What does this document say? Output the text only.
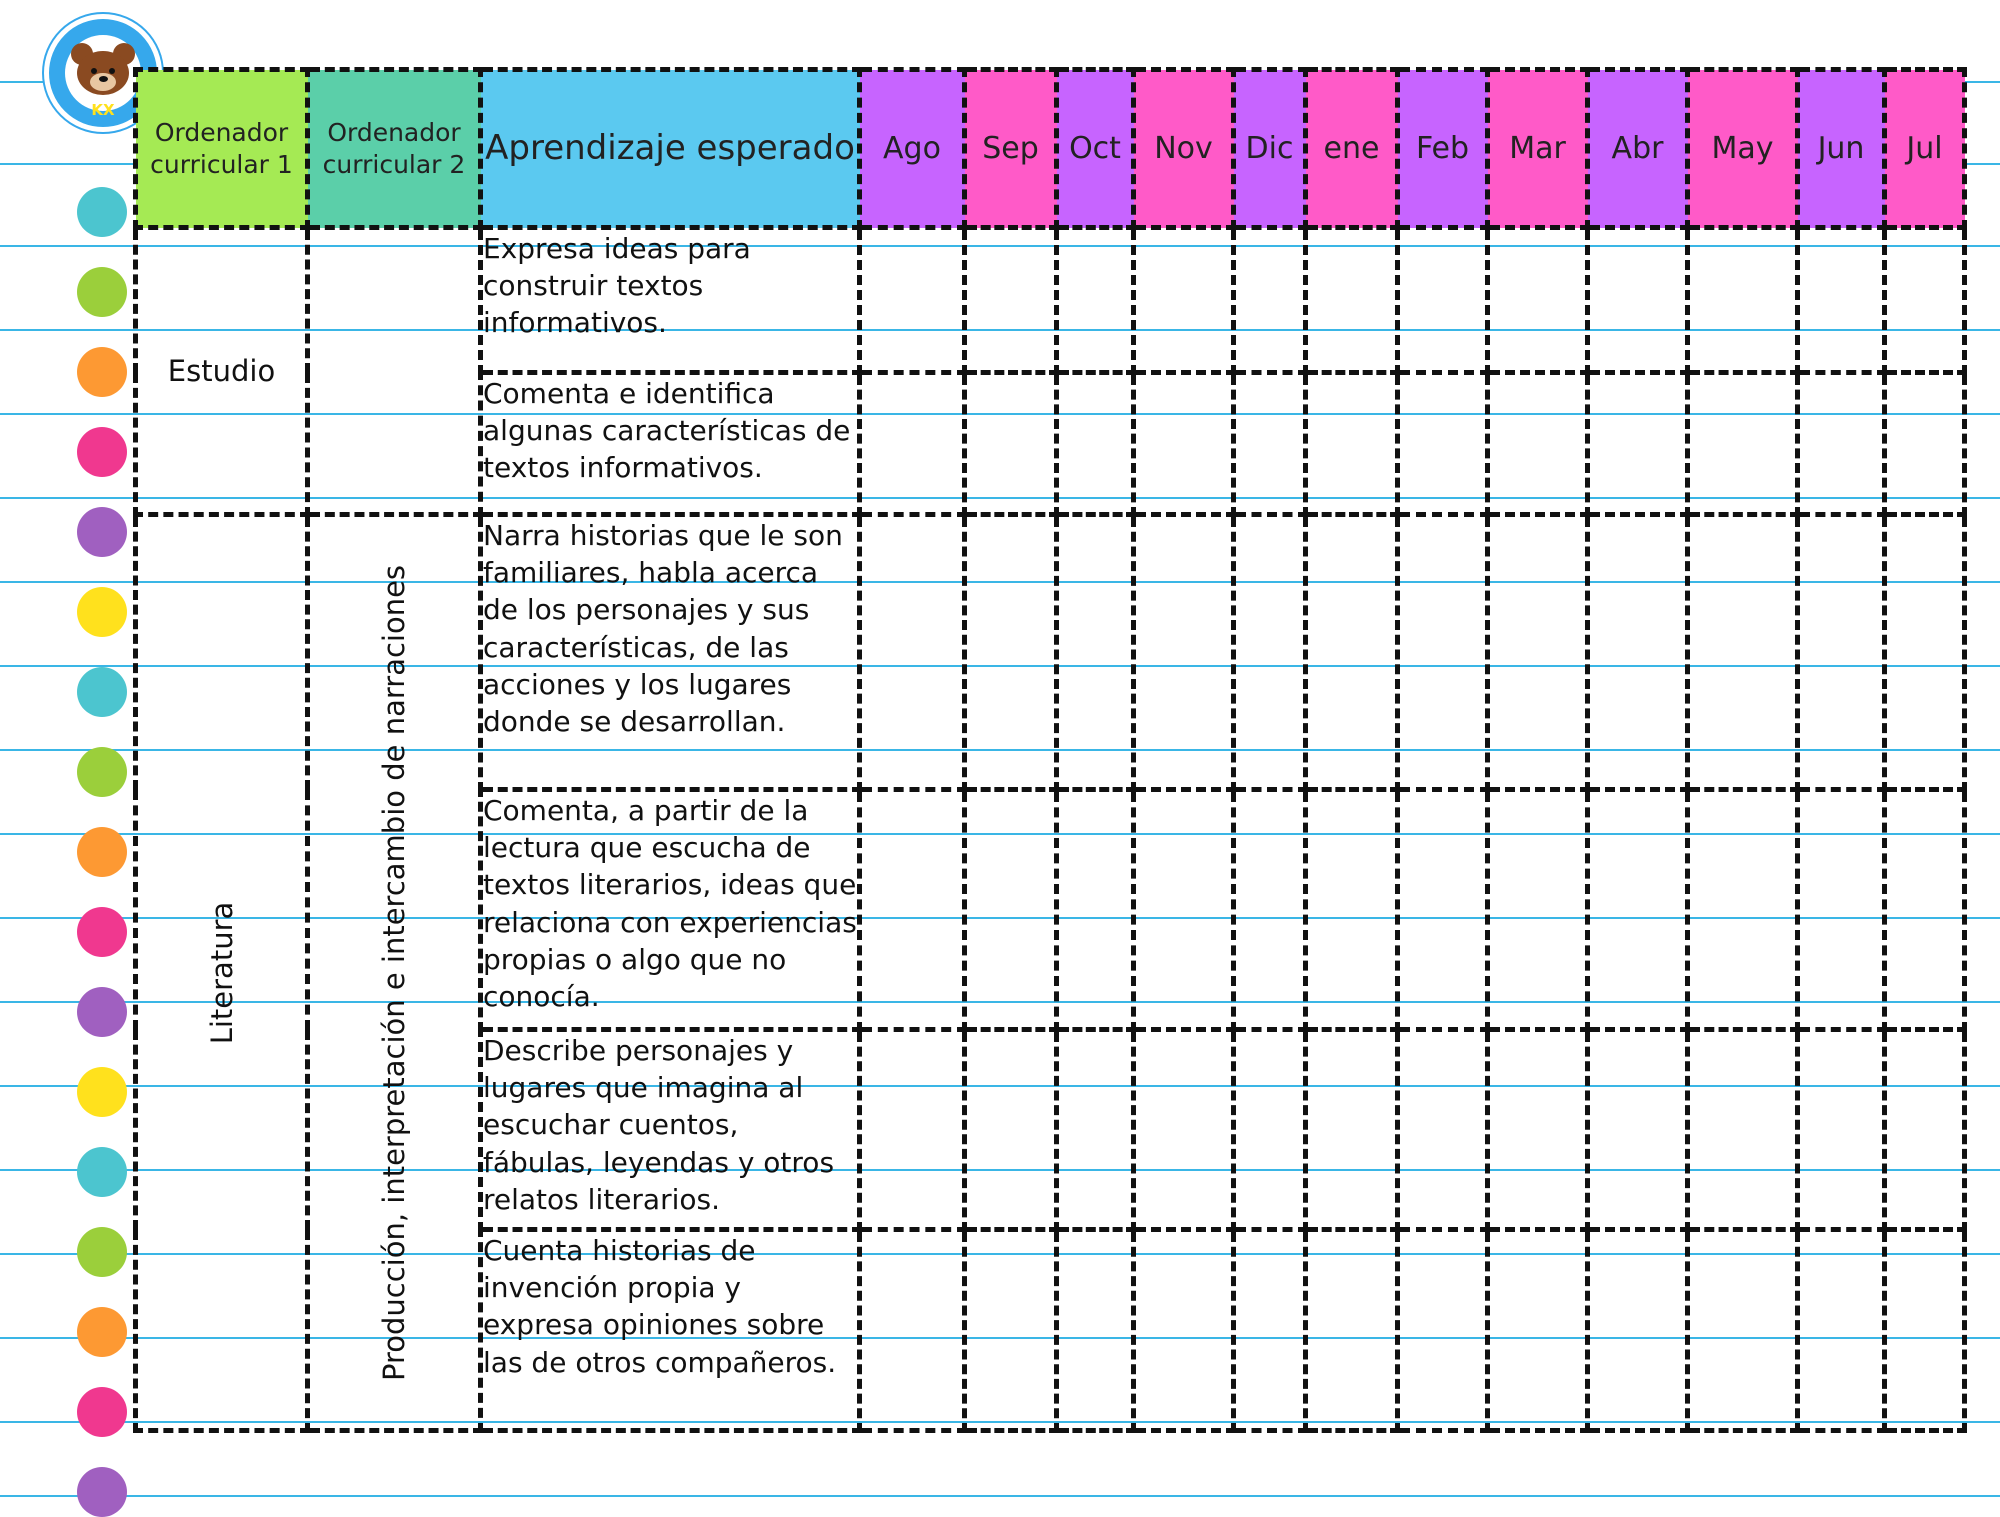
KX
Ordenador curricular 1	Ordenador curricular 2	Aprendizaje esperado	Ago	Sep	Oct	Nov	Dic	ene	Feb	Mar	Abr	May	Jun	Jul
Estudio		Expresa ideas para construir textos informativos.												
		Comenta e identifica algunas características de textos informativos.												

Literatura	Producción, interpretación e intercambio de narraciones	Narra historias que le son familiares, habla acerca de los personajes y sus características, de las acciones y los lugares donde se desarrollan.												
		Comenta, a partir de la lectura que escucha de textos literarios, ideas que relaciona con experiencias propias o algo que no conocía.												
		Describe personajes y lugares que imagina al escuchar cuentos, fábulas, leyendas y otros relatos literarios.												
		Cuenta historias de invención propia y expresa opiniones sobre las de otros compañeros.												
